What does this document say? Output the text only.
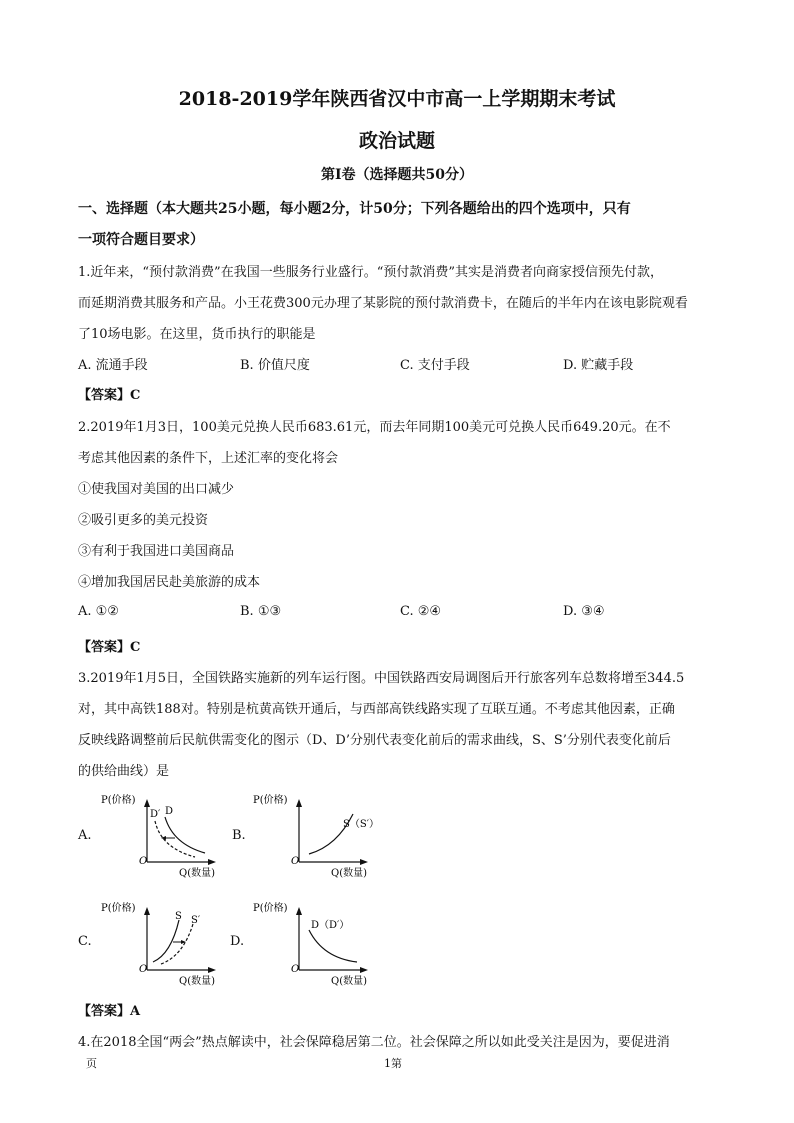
2018-2019学年陕西省汉中市高一上学期期末考试
政治试题
第Ⅰ卷（选择题共50分）
一、选择题（本大题共25小题，每小题2分，计50分；下列各题给出的四个选项中，只有
一项符合题目要求）
1.近年来，“预付款消费”在我国一些服务行业盛行。“预付款消费”其实是消费者向商家授信预先付款，
而延期消费其服务和产品。小王花费300元办理了某影院的预付款消费卡，在随后的半年内在该电影院观看
了10场电影。在这里，货币执行的职能是
A. 流通手段	B. 价值尺度	C. 支付手段	D. 贮藏手段
【答案】C
2.2019年1月3日，100美元兑换人民币683.61元，而去年同期100美元可兑换人民币649.20元。在不
考虑其他因素的条件下，上述汇率的变化将会
①使我国对美国的出口减少
②吸引更多的美元投资
③有利于我国进口美国商品
④增加我国居民赴美旅游的成本
A. ①②	B. ①③	C. ②④	D. ③④
【答案】C
3.2019年1月5日，全国铁路实施新的列车运行图。中国铁路西安局调图后开行旅客列车总数将增至344.5
对，其中高铁188对。特别是杭黄高铁开通后，与西部高铁线路实现了互联互通。不考虑其他因素，正确
反映线路调整前后民航供需变化的图示（D、D’分别代表变化前后的需求曲线，S、S’分别代表变化前后
的供给曲线）是
A.
P(价格)
O
Q(数量)
D
D′
B.
P(价格)
O
Q(数量)
S（S′）
C.
P(价格)
O
Q(数量)
S S′
D.
P(价格)
O
Q(数量)
D（D′）
【答案】A
4.在2018全国“两会”热点解读中，社会保障稳居第二位。社会保障之所以如此受关注是因为，要促进消
页	1第
